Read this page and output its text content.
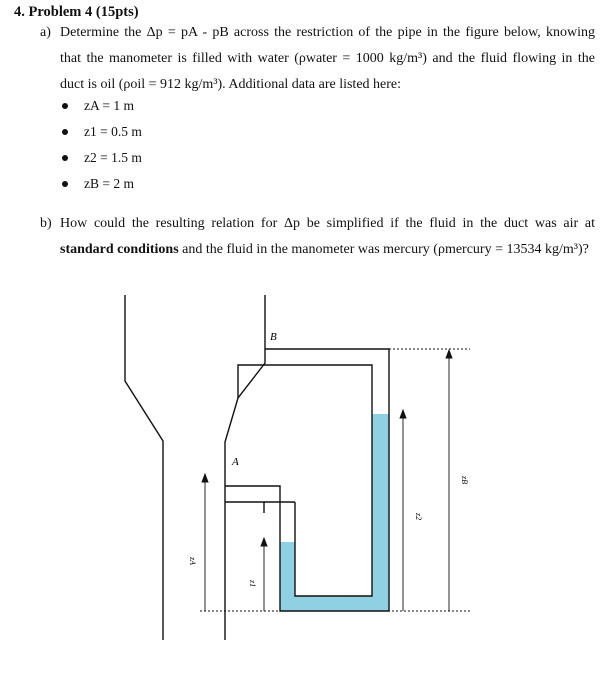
4. Problem 4 (15pts)
a) Determine the Δp = pA - pB across the restriction of the pipe in the figure below, knowing
that the manometer is filled with water (ρwater = 1000 kg/m³) and the fluid flowing in the
duct is oil (ρoil = 912 kg/m³). Additional data are listed here:
zA = 1 m
z1 = 0.5 m
z2 = 1.5 m
zB = 2 m
b) How could the resulting relation for Δp be simplified if the fluid in the duct was air at
standard conditions and the fluid in the manometer was mercury (ρmercury = 13534 kg/m³)?
B
A
zA
z1
z2
zB
